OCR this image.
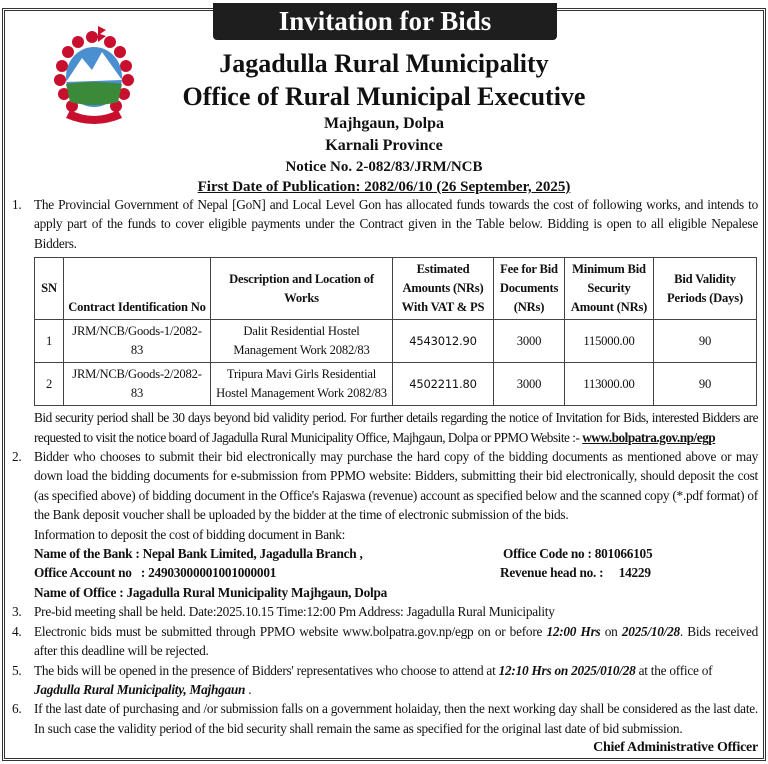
Invitation for Bids
Jagadulla Rural Municipality
Office of Rural Municipal Executive
Majhgaun, Dolpa
Karnali Province
Notice No. 2-082/83/JRM/NCB
First Date of Publication: 2082/06/10 (26 September, 2025)
1. The Provincial Government of Nepal [GoN] and Local Level Gon has allocated funds towards the cost of following works, and intends to apply part of the funds to cover eligible payments under the Contract given in the Table below. Bidding is open to all eligible Nepalese Bidders.
SN	Contract Identification No	Description and Location of Works	Estimated Amounts (NRs) With VAT & PS	Fee for Bid Documents (NRs)	Minimum Bid Security Amount (NRs)	Bid Validity Periods (Days)
1	JRM/NCB/Goods-1/2082-83	Dalit Residential Hostel Management Work 2082/83	4543012.90	3000	115000.00	90
2	JRM/NCB/Goods-2/2082-83	Tripura Mavi Girls Residential Hostel Management Work 2082/83	4502211.80	3000	113000.00	90
Bid security period shall be 30 days beyond bid validity period. For further details regarding the notice of Invitation for Bids, interested Bidders are requested to visit the notice board of Jagadulla Rural Municipality Office, Majhgaun, Dolpa or PPMO Website :- www.bolpatra.gov.np/egp
2. Bidder who chooses to submit their bid electronically may purchase the hard copy of the bidding documents as mentioned above or may down load the bidding documents for e-submission from PPMO website: Bidders, submitting their bid electronically, should deposit the cost (as specified above) of bidding document in the Office's Rajaswa (revenue) account as specified below and the scanned copy (*.pdf format) of the Bank deposit voucher shall be uploaded by the bidder at the time of electronic submission of the bids.
Information to deposit the cost of bidding document in Bank:
Name of the Bank : Nepal Bank Limited, Jagadulla Branch ,	Office Code no : 801066105
Office Account no   : 24903000001001000001	Revenue head no. :     14229
Name of Office : Jagadulla Rural Municipality Majhgaun, Dolpa
3. Pre-bid meeting shall be held. Date:2025.10.15 Time:12:00 Pm Address: Jagadulla Rural Municipality
4. Electronic bids must be submitted through PPMO website www.bolpatra.gov.np/egp on or before 12:00 Hrs on 2025/10/28. Bids received after this deadline will be rejected.
5. The bids will be opened in the presence of Bidders' representatives who choose to attend at 12:10 Hrs on 2025/010/28 at the office of
Jagdulla Rural Municipality, Majhgaun .
6. If the last date of purchasing and /or submission falls on a government holaiday, then the next working day shall be considered as the last date. In such case the validity period of the bid security shall remain the same as specified for the original last date of bid submission.
Chief Administrative Officer
